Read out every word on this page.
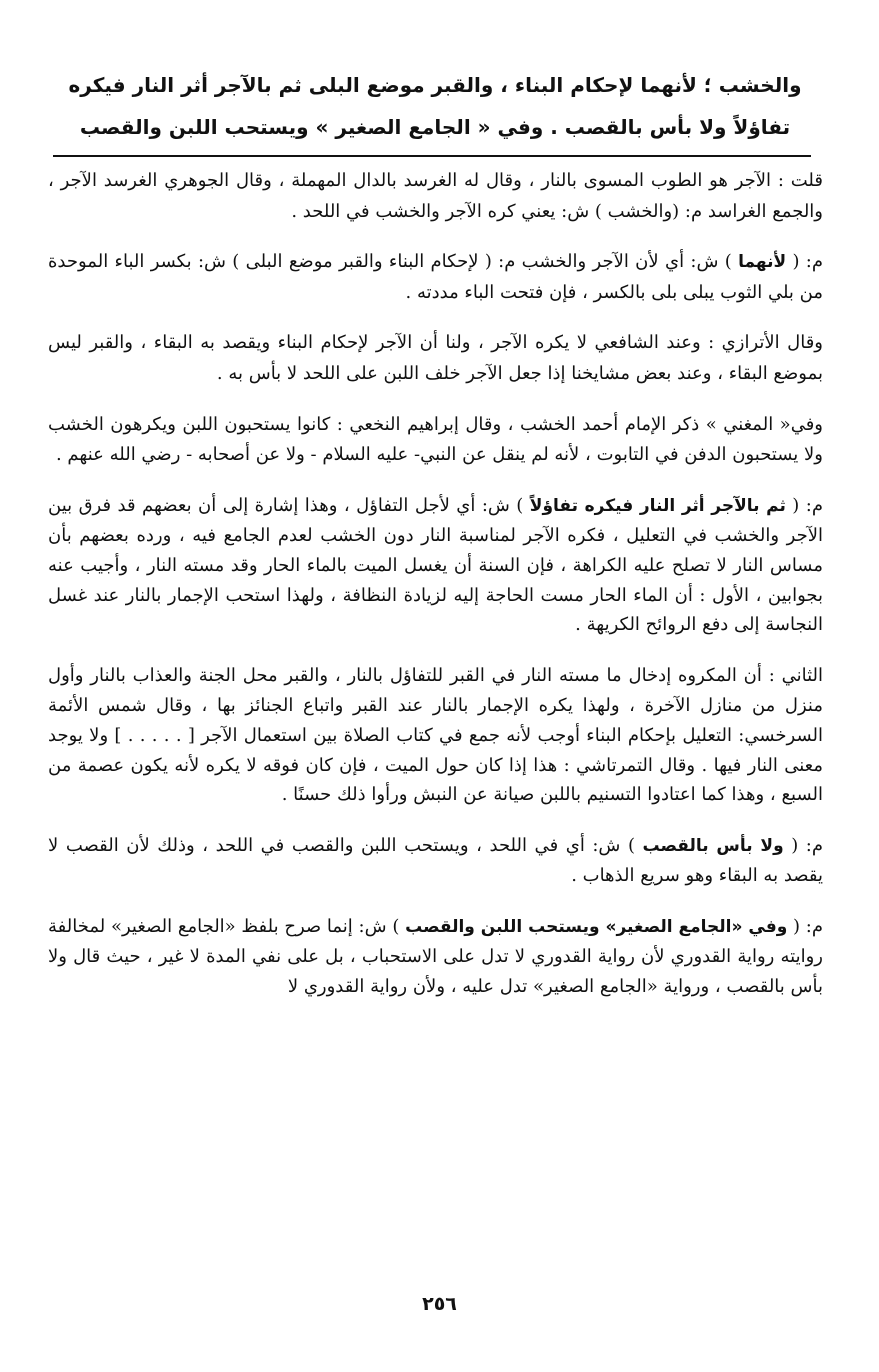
والخشب ؛ لأنهما لإحكام البناء ، والقبر موضع البلى ثم بالآجر أثر النار فيكره تفاؤلاً ولا بأس بالقصب . وفي « الجامع الصغير » ويستحب اللبن والقصب

قلت : الآجر هو الطوب المسوى بالنار ، وقال له الغرسد بالدال المهملة ، وقال الجوهري الغرسد الآجر ، والجمع الغراسد م: (والخشب ) ش: يعني كره الآجر والخشب في اللحد .

م: ( لأنهما ) ش: أي لأن الآجر والخشب م: ( لإحكام البناء والقبر موضع البلى ) ش: بكسر الباء الموحدة من بلي الثوب يبلى بلى بالكسر ، فإن فتحت الباء مددته .

وقال الأترازي : وعند الشافعي لا يكره الآجر ، ولنا أن الآجر لإحكام البناء ويقصد به البقاء ، والقبر ليس بموضع البقاء ، وعند بعض مشايخنا إذا جعل الآجر خلف اللبن على اللحد لا بأس به .

وفي« المغني » ذكر الإمام أحمد الخشب ، وقال إبراهيم النخعي : كانوا يستحبون اللبن ويكرهون الخشب ولا يستحبون الدفن في التابوت ، لأنه لم ينقل عن النبي- عليه السلام - ولا عن أصحابه - رضي الله عنهم .

م: ( ثم بالآجر أثر النار فيكره تفاؤلاً ) ش: أي لأجل التفاؤل ، وهذا إشارة إلى أن بعضهم قد فرق بين الآجر والخشب في التعليل ، فكره الآجر لمناسبة النار دون الخشب لعدم الجامع فيه ، ورده بعضهم بأن مساس النار لا تصلح عليه الكراهة ، فإن السنة أن يغسل الميت بالماء الحار وقد مسته النار ، وأجيب عنه بجوابين ، الأول : أن الماء الحار مست الحاجة إليه لزيادة النظافة ، ولهذا استحب الإجمار بالنار عند غسل النجاسة إلى دفع الروائح الكريهة .

الثاني : أن المكروه إدخال ما مسته النار في القبر للتفاؤل بالنار ، والقبر محل الجنة والعذاب بالنار وأول منزل من منازل الآخرة ، ولهذا يكره الإجمار بالنار عند القبر واتباع الجنائز بها ، وقال شمس الأئمة السرخسي: التعليل بإحكام البناء أوجب لأنه جمع في كتاب الصلاة بين استعمال الآجر [ . . . . . ] ولا يوجد معنى النار فيها . وقال التمرتاشي : هذا إذا كان حول الميت ، فإن كان فوقه لا يكره لأنه يكون عصمة من السبع ، وهذا كما اعتادوا التسنيم باللبن صيانة عن النبش ورأوا ذلك حسنًا .

م: ( ولا بأس بالقصب ) ش: أي في اللحد ، ويستحب اللبن والقصب في اللحد ، وذلك لأن القصب لا يقصد به البقاء وهو سريع الذهاب .

م: ( وفي «الجامع الصغير» ويستحب اللبن والقصب ) ش: إنما صرح بلفظ «الجامع الصغير» لمخالفة روايته رواية القدوري لأن رواية القدوري لا تدل على الاستحباب ، بل على نفي المدة لا غير ، حيث قال ولا بأس بالقصب ، ورواية «الجامع الصغير» تدل عليه ، ولأن رواية القدوري لا

٢٥٦
